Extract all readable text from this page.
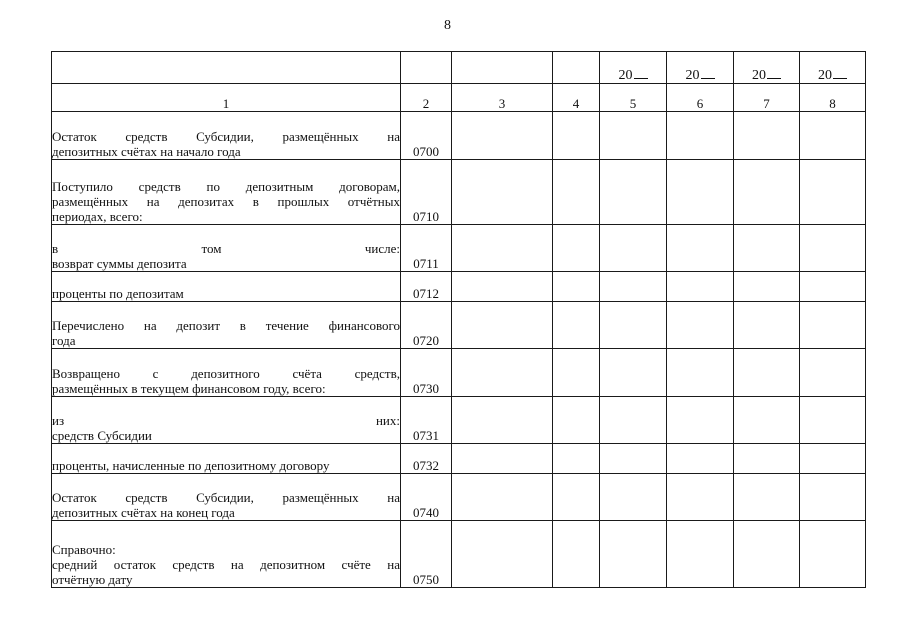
8
				20	20	20	20
1	2	3	4	5	6	7	8

Остаток средств Субсидии, размещённых на
депозитных счётах на начало года	0700						

Поступило средств по депозитным договорам,
размещённых на депозитах в прошлых отчётных
периодах, всего:	0710						

в том числе:
возврат суммы депозита	0711						

проценты по депозитам	0712						

Перечислено на депозит в течение финансового
года	0720						

Возвращено с депозитного счёта средств,
размещённых в текущем финансовом году, всего:	0730						

из них:
средств Субсидии	0731						

проценты, начисленные по депозитному договору	0732						

Остаток средств Субсидии, размещённых на
депозитных счётах на конец года	0740						

Справочно:
средний остаток средств на депозитном счёте на
отчётную дату	0750						
